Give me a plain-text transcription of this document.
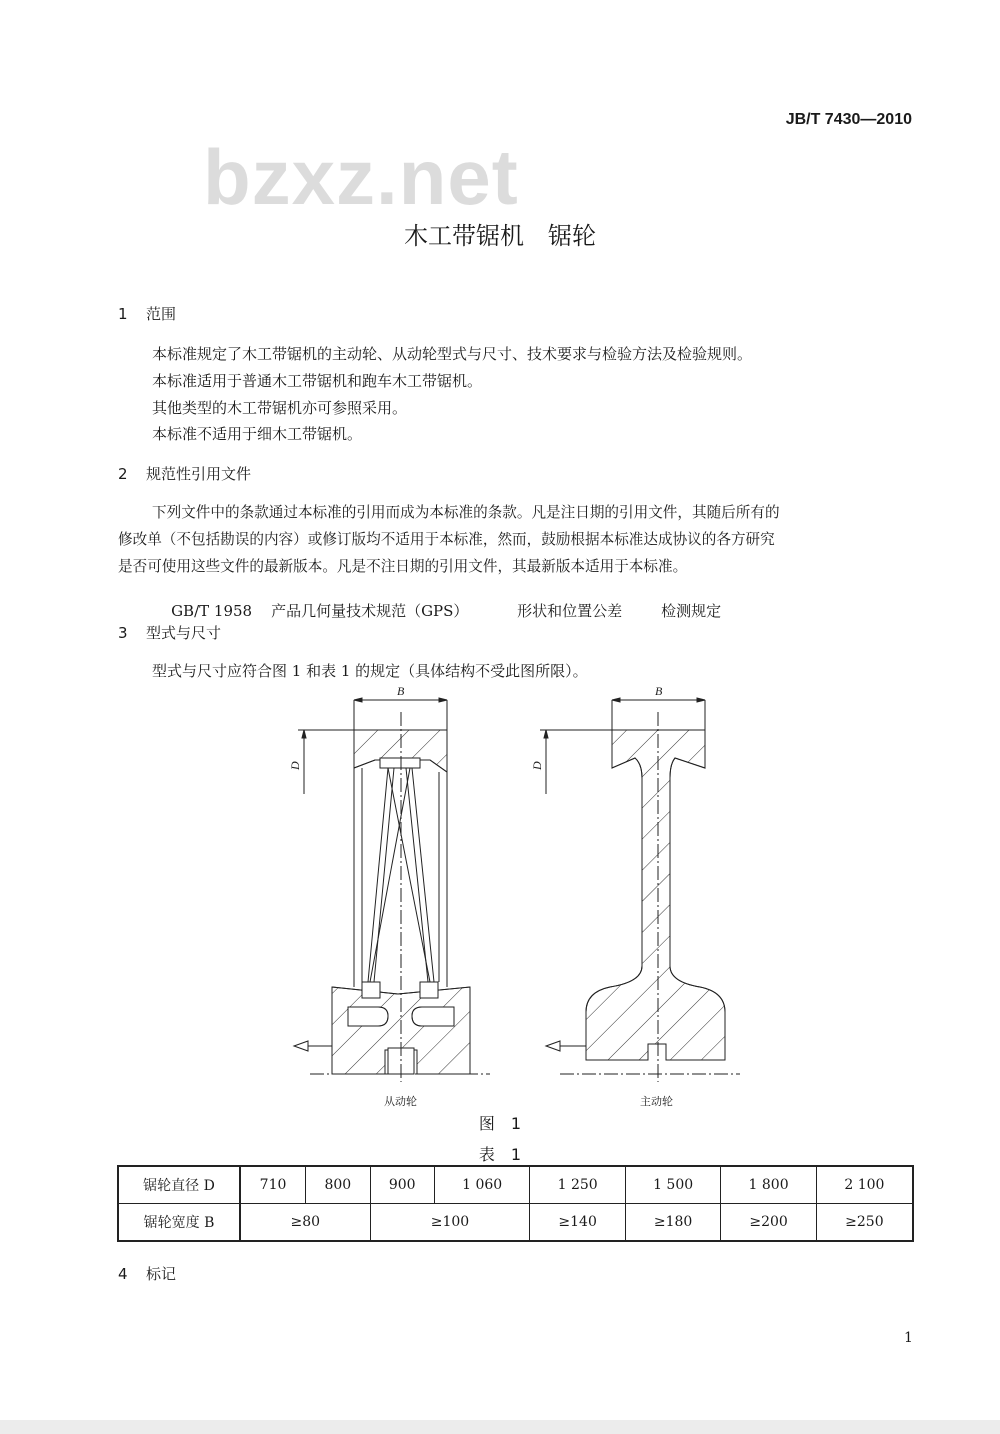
JB/T 7430—2010
bzxz.net
木工带锯机　锯轮
1 范围
本标准规定了木工带锯机的主动轮、从动轮型式与尺寸、技术要求与检验方法及检验规则。
本标准适用于普通木工带锯机和跑车木工带锯机。
其他类型的木工带锯机亦可参照采用。
本标准不适用于细木工带锯机。
2 规范性引用文件
下列文件中的条款通过本标准的引用而成为本标准的条款。凡是注日期的引用文件，其随后所有的
修改单（不包括勘误的内容）或修订版均不适用于本标准，然而，鼓励根据本标准达成协议的各方研究
是否可使用这些文件的最新版本。凡是不注日期的引用文件，其最新版本适用于本标准。

GB/T 1958 产品几何量技术规范（GPS）	形状和位置公差	检测规定

3 型式与尺寸
型式与尺寸应符合图 1 和表 1 的规定（具体结构不受此图所限）。
B	B
D	D
从动轮	主动轮
图　1
表　1
锯轮直径 D	710	800	900	1 060	1 250	1 500	1 800	2 100
锯轮宽度 B	≥80		≥100		≥140	≥180	≥200	≥250
4 标记
1
